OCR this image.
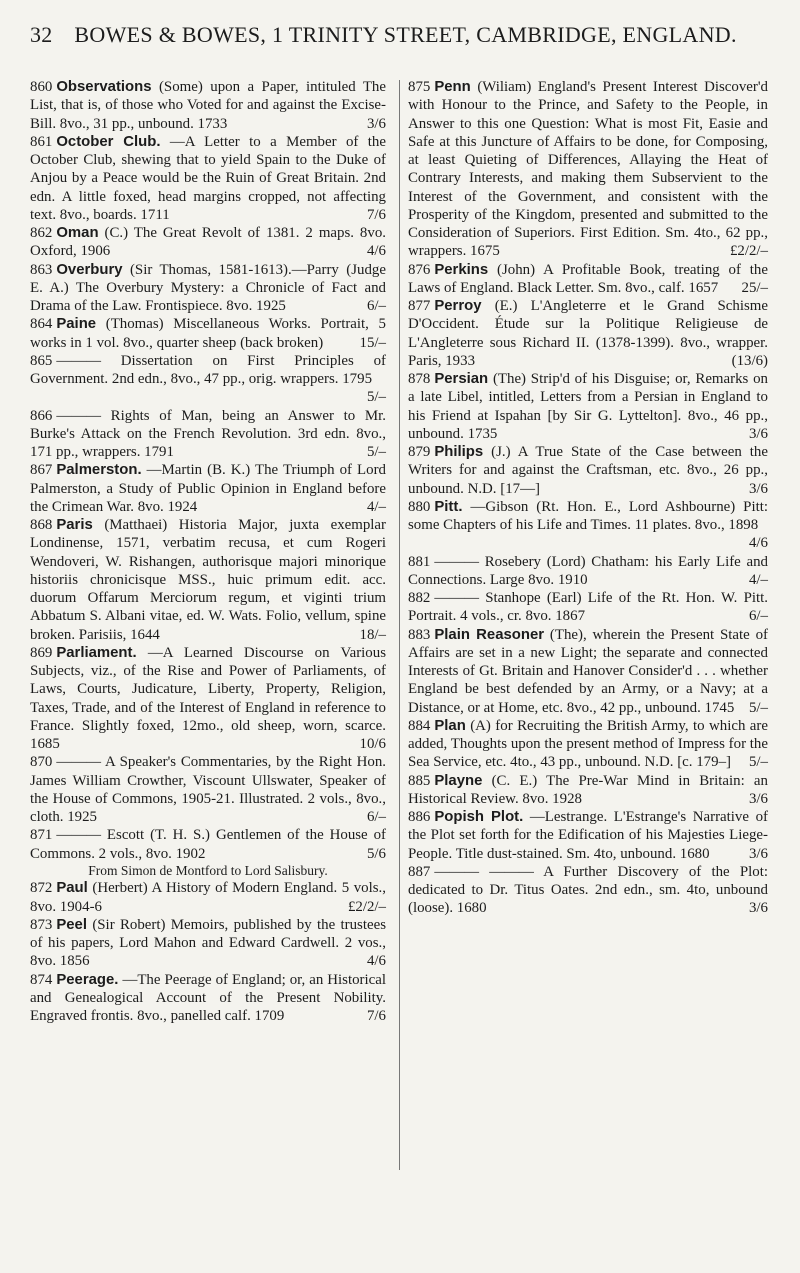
32 BOWES & BOWES, 1 TRINITY STREET, CAMBRIDGE, ENGLAND.

860 Observations (Some) upon a Paper, intituled The List, that is, of those who Voted for and against the Excise-Bill. 8vo., 31 pp., unbound. 1733	3/6

861 October Club. —A Letter to a Member of the October Club, shewing that to yield Spain to the Duke of Anjou by a Peace would be the Ruin of Great Britain. 2nd edn. A little foxed, head margins cropped, not affecting text. 8vo., boards. 1711	7/6

862 Oman (C.) The Great Revolt of 1381. 2 maps. 8vo. Oxford, 1906	4/6

863 Overbury (Sir Thomas, 1581-1613).—Parry (Judge E. A.) The Overbury Mystery: a Chronicle of Fact and Drama of the Law. Frontispiece. 8vo. 1925	6/–

864 Paine (Thomas) Miscellaneous Works. Portrait, 5 works in 1 vol. 8vo., quarter sheep (back broken) 15/–

865 ——— Dissertation on First Principles of Government. 2nd edn., 8vo., 47 pp., orig. wrappers. 1795
5/–

866 ——— Rights of Man, being an Answer to Mr. Burke's Attack on the French Revolution. 3rd edn. 8vo., 171 pp., wrappers. 1791	5/–

867 Palmerston. —Martin (B. K.) The Triumph of Lord Palmerston, a Study of Public Opinion in England before the Crimean War. 8vo. 1924	4/–

868 Paris (Matthaei) Historia Major, juxta exemplar Londinense, 1571, verbatim recusa, et cum Rogeri Wendoveri, W. Rishangen, authorisque majori minorique historiis chronicisque MSS., huic primum edit. acc. duorum Offarum Merciorum regum, et viginti trium Abbatum S. Albani vitae, ed. W. Wats. Folio, vellum, spine broken. Parisiis, 1644	18/–

869 Parliament. —A Learned Discourse on Various Subjects, viz., of the Rise and Power of Parliaments, of Laws, Courts, Judicature, Liberty, Property, Religion, Taxes, Trade, and of the Interest of England in reference to France. Slightly foxed, 12mo., old sheep, worn, scarce. 1685	10/6

870 ——— A Speaker's Commentaries, by the Right Hon. James William Crowther, Viscount Ullswater, Speaker of the House of Commons, 1905-21. Illustrated. 2 vols., 8vo., cloth. 1925	6/–

871 ——— Escott (T. H. S.) Gentlemen of the House of Commons. 2 vols., 8vo. 1902	5/6

From Simon de Montford to Lord Salisbury.

872 Paul (Herbert) A History of Modern England. 5 vols., 8vo. 1904-6	£2/2/–

873 Peel (Sir Robert) Memoirs, published by the trustees of his papers, Lord Mahon and Edward Cardwell. 2 vos., 8vo. 1856	4/6

874 Peerage. —The Peerage of England; or, an Historical and Genealogical Account of the Present Nobility. Engraved frontis. 8vo., panelled calf. 1709	7/6

875 Penn (Wiliam) England's Present Interest Discover'd with Honour to the Prince, and Safety to the People, in Answer to this one Question: What is most Fit, Easie and Safe at this Juncture of Affairs to be done, for Composing, at least Quieting of Differences, Allaying the Heat of Contrary Interests, and making them Subservient to the Interest of the Government, and consistent with the Prosperity of the Kingdom, presented and submitted to the Consideration of Superiors. First Edition. Sm. 4to., 62 pp., wrappers. 1675	£2/2/–

876 Perkins (John) A Profitable Book, treating of the Laws of England. Black Letter. Sm. 8vo., calf. 1657 25/–

877 Perroy (E.) L'Angleterre et le Grand Schisme D'Occident. Étude sur la Politique Religieuse de L'Angleterre sous Richard II. (1378-1399). 8vo., wrapper. Paris, 1933	(13/6)

878 Persian (The) Strip'd of his Disguise; or, Remarks on a late Libel, intitled, Letters from a Persian in England to his Friend at Ispahan [by Sir G. Lyttelton]. 8vo., 46 pp., unbound. 1735	3/6

879 Philips (J.) A True State of the Case between the Writers for and against the Craftsman, etc. 8vo., 26 pp., unbound. N.D. [17—]	3/6

880 Pitt. —Gibson (Rt. Hon. E., Lord Ashbourne) Pitt: some Chapters of his Life and Times. 11 plates. 8vo., 1898
4/6

881 ——— Rosebery (Lord) Chatham: his Early Life and Connections. Large 8vo. 1910	4/–

882 ——— Stanhope (Earl) Life of the Rt. Hon. W. Pitt. Portrait. 4 vols., cr. 8vo. 1867	6/–

883 Plain Reasoner (The), wherein the Present State of Affairs are set in a new Light; the separate and connected Interests of Gt. Britain and Hanover Consider'd . . . whether England be best defended by an Army, or a Navy; at a Distance, or at Home, etc. 8vo., 42 pp., unbound. 1745 5/–

884 Plan (A) for Recruiting the British Army, to which are added, Thoughts upon the present method of Impress for the Sea Service, etc. 4to., 43 pp., unbound. N.D. [c. 179–] 5/–

885 Playne (C. E.) The Pre-War Mind in Britain: an Historical Review. 8vo. 1928	3/6

886 Popish Plot. —Lestrange. L'Estrange's Narrative of the Plot set forth for the Edification of his Majesties Liege-People. Title dust-stained. Sm. 4to, unbound. 1680	3/6

887 ——— ——— A Further Discovery of the Plot: dedicated to Dr. Titus Oates. 2nd edn., sm. 4to, unbound (loose). 1680	3/6
